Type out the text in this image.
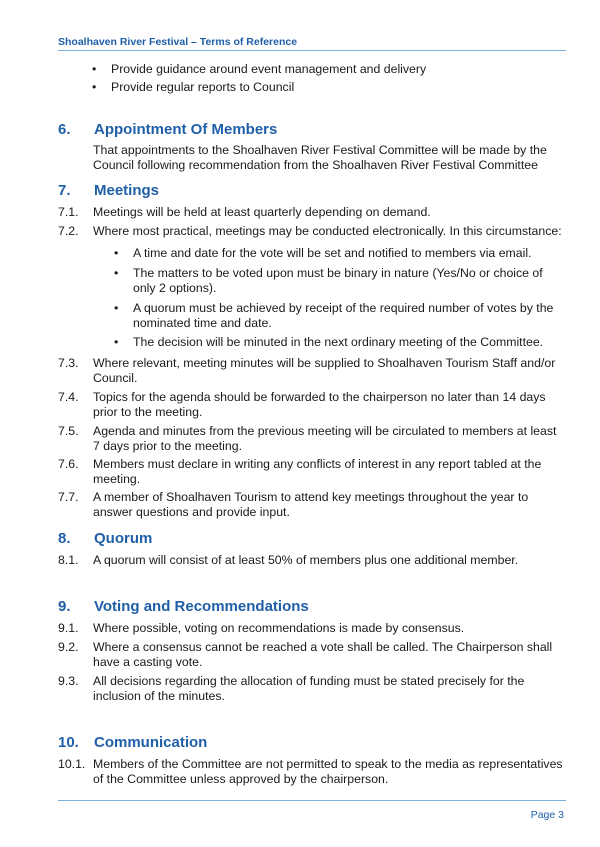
Shoalhaven River Festival – Terms of Reference
•	Provide guidance around event management and delivery
•	Provide regular reports to Council
6.	Appointment Of Members
That appointments to the Shoalhaven River Festival Committee will be made by the Council following recommendation from the Shoalhaven River Festival Committee
7.	Meetings
7.1.	Meetings will be held at least quarterly depending on demand.
7.2.	Where most practical, meetings may be conducted electronically. In this circumstance:
•	A time and date for the vote will be set and notified to members via email.
•	The matters to be voted upon must be binary in nature (Yes/No or choice of only 2 options).
•	A quorum must be achieved by receipt of the required number of votes by the nominated time and date.
•	The decision will be minuted in the next ordinary meeting of the Committee.
7.3.	Where relevant, meeting minutes will be supplied to Shoalhaven Tourism Staff and/or Council.
7.4.	Topics for the agenda should be forwarded to the chairperson no later than 14 days prior to the meeting.
7.5.	Agenda and minutes from the previous meeting will be circulated to members at least 7 days prior to the meeting.
7.6.	Members must declare in writing any conflicts of interest in any report tabled at the meeting.
7.7.	A member of Shoalhaven Tourism to attend key meetings throughout the year to answer questions and provide input.
8.	Quorum
8.1.	A quorum will consist of at least 50% of members plus one additional member.
9.	Voting and Recommendations
9.1.	Where possible, voting on recommendations is made by consensus.
9.2.	Where a consensus cannot be reached a vote shall be called. The Chairperson shall have a casting vote.
9.3.	All decisions regarding the allocation of funding must be stated precisely for the inclusion of the minutes.
10.	Communication
10.1. Members of the Committee are not permitted to speak to the media as representatives of the Committee unless approved by the chairperson.
Page 3
